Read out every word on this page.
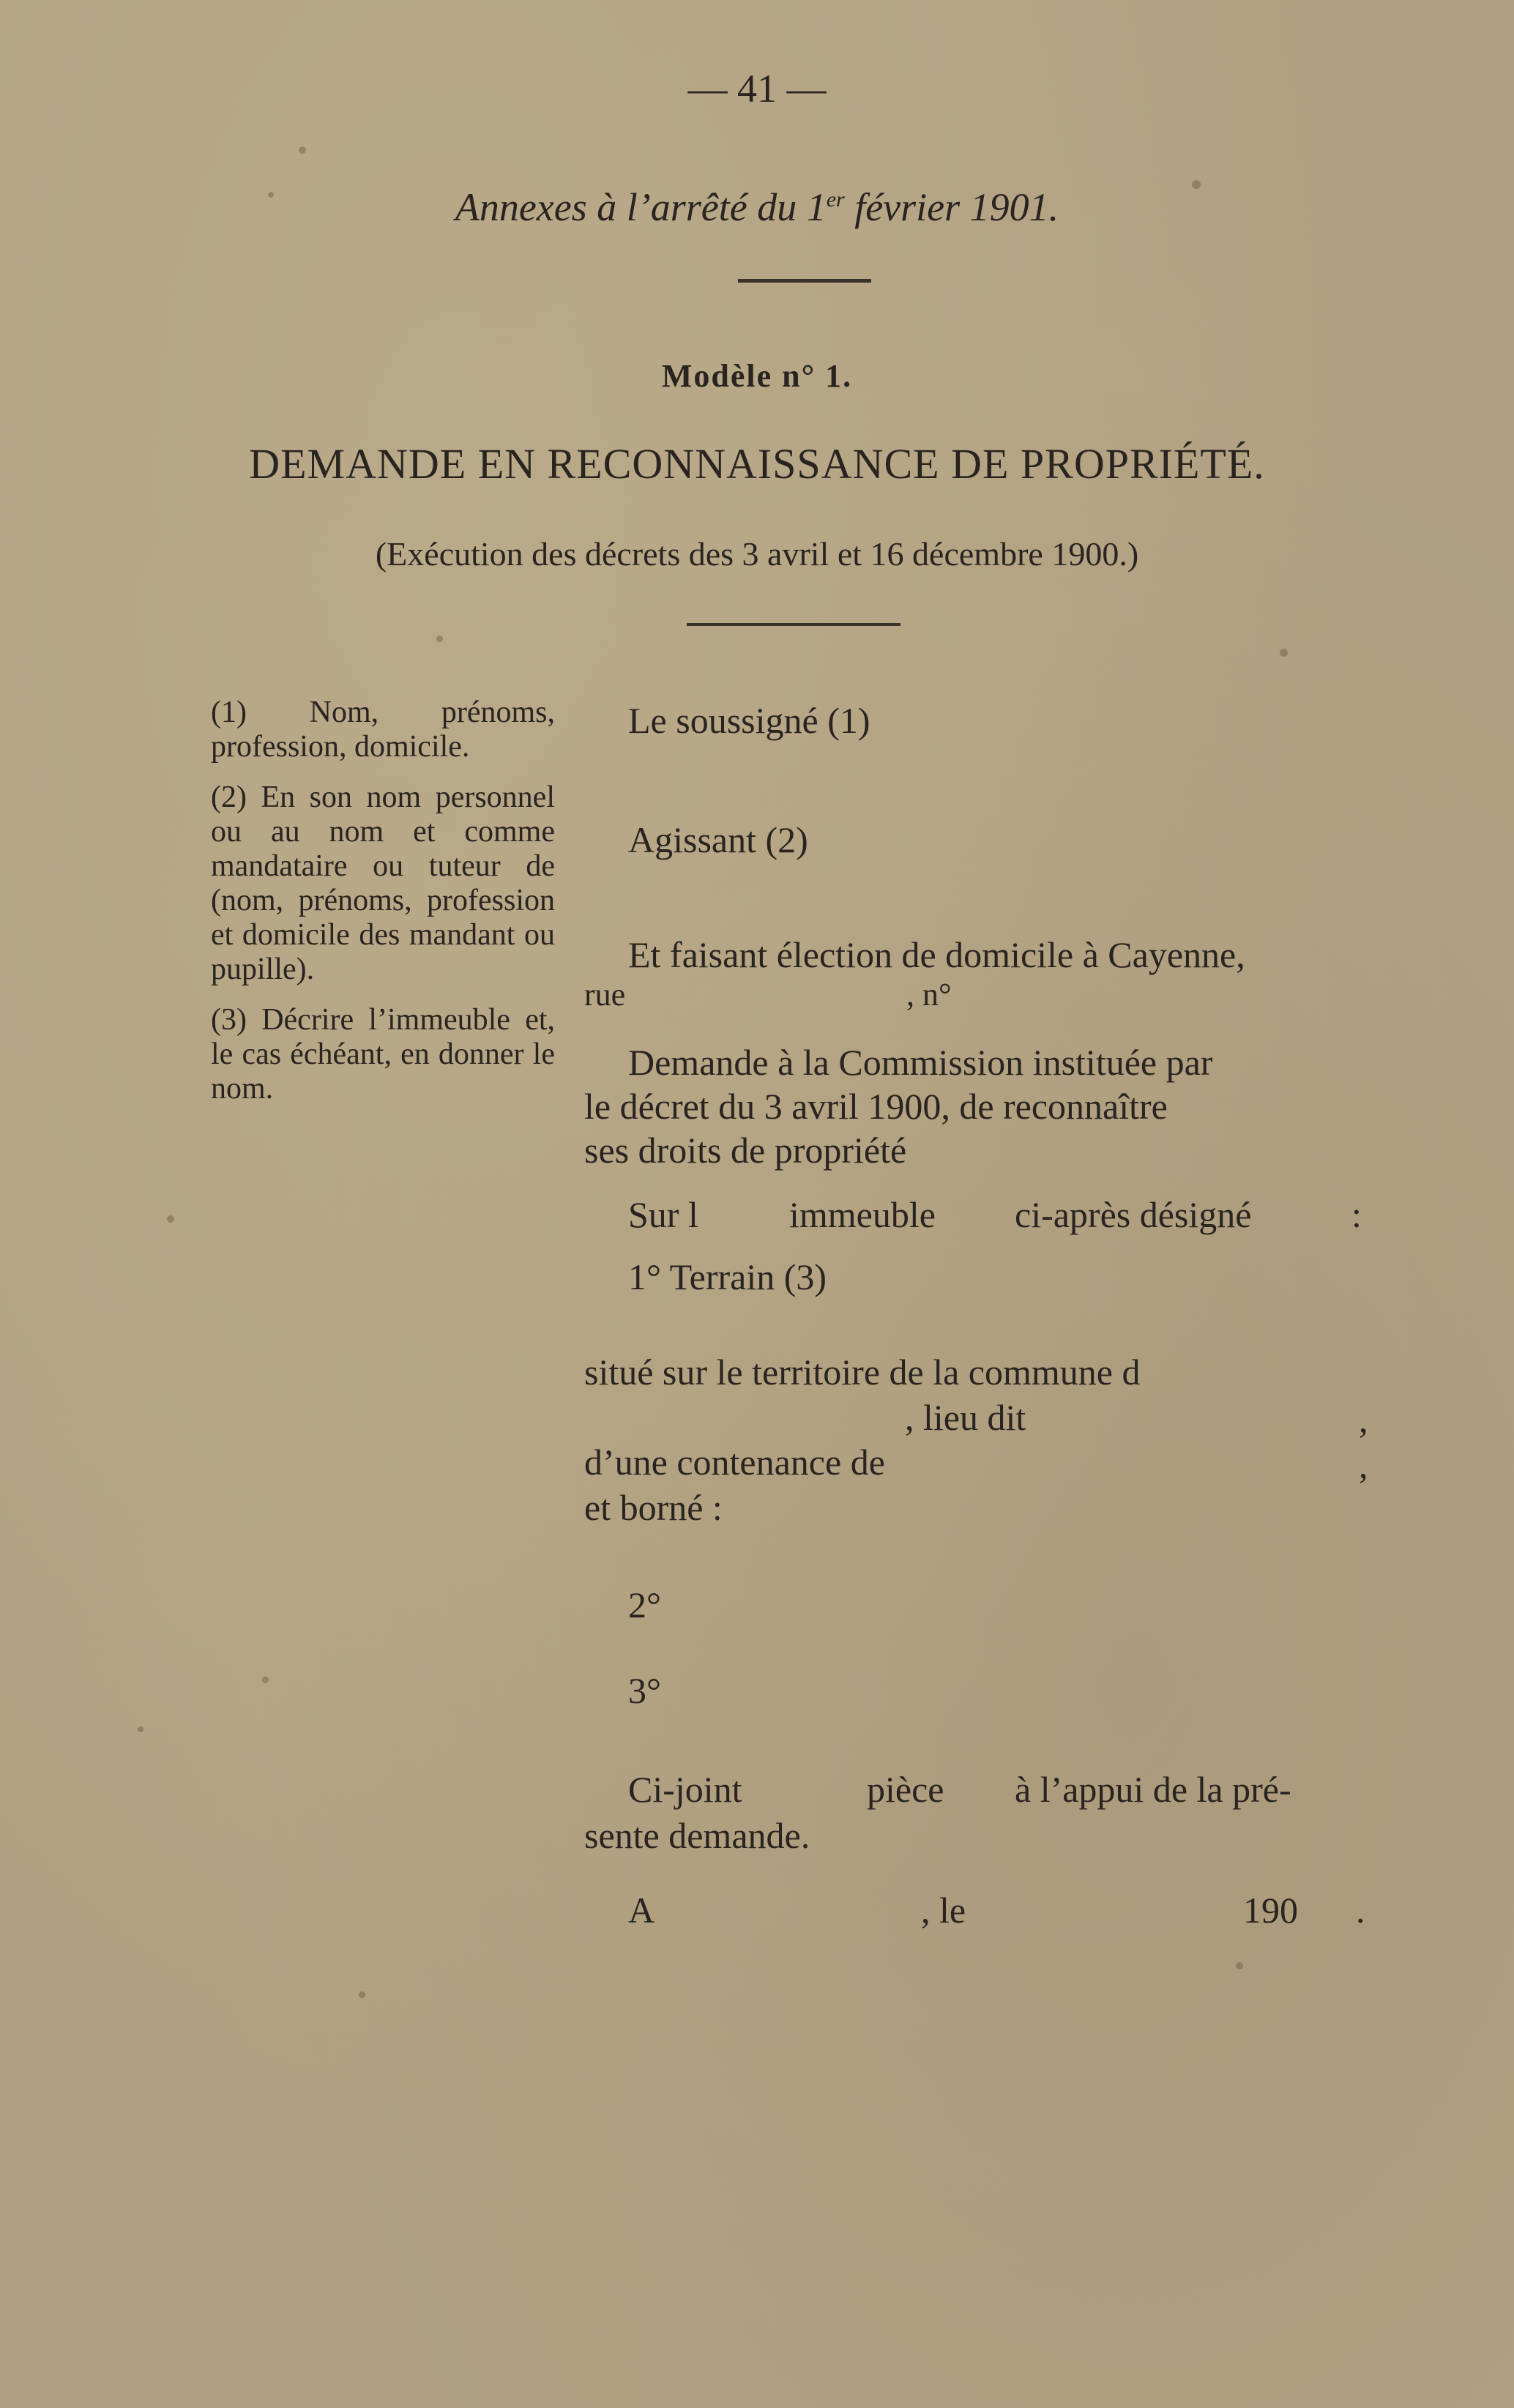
— 41 —
Annexes à l’arrêté du 1er février 1901.
Modèle n° 1.
DEMANDE EN RECONNAISSANCE DE PROPRIÉTÉ.
(Exécution des décrets des 3 avril et 16 décembre 1900.)

(1) Nom, prénoms, profession, domicile.

(2) En son nom personnel ou au nom et comme mandataire ou tuteur de (nom, prénoms, profession et domicile des mandant ou pupille).

(3) Décrire l’immeuble et, le cas échéant, en donner le nom.

Le soussigné (1)
Agissant (2)
Et faisant élection de domicile à Cayenne,
rue	, n°
Demande à la Commission instituée par
le décret du 3 avril 1900, de reconnaître
ses droits de propriété
Sur l immeuble ci-après désigné	:
1° Terrain (3)
situé sur le territoire de la commune d
, lieu dit	,
d’une contenance de	,
et borné :
2°
3°
Ci-joint	pièce à l’appui de la pré-
sente demande.
A	, le	190 .
